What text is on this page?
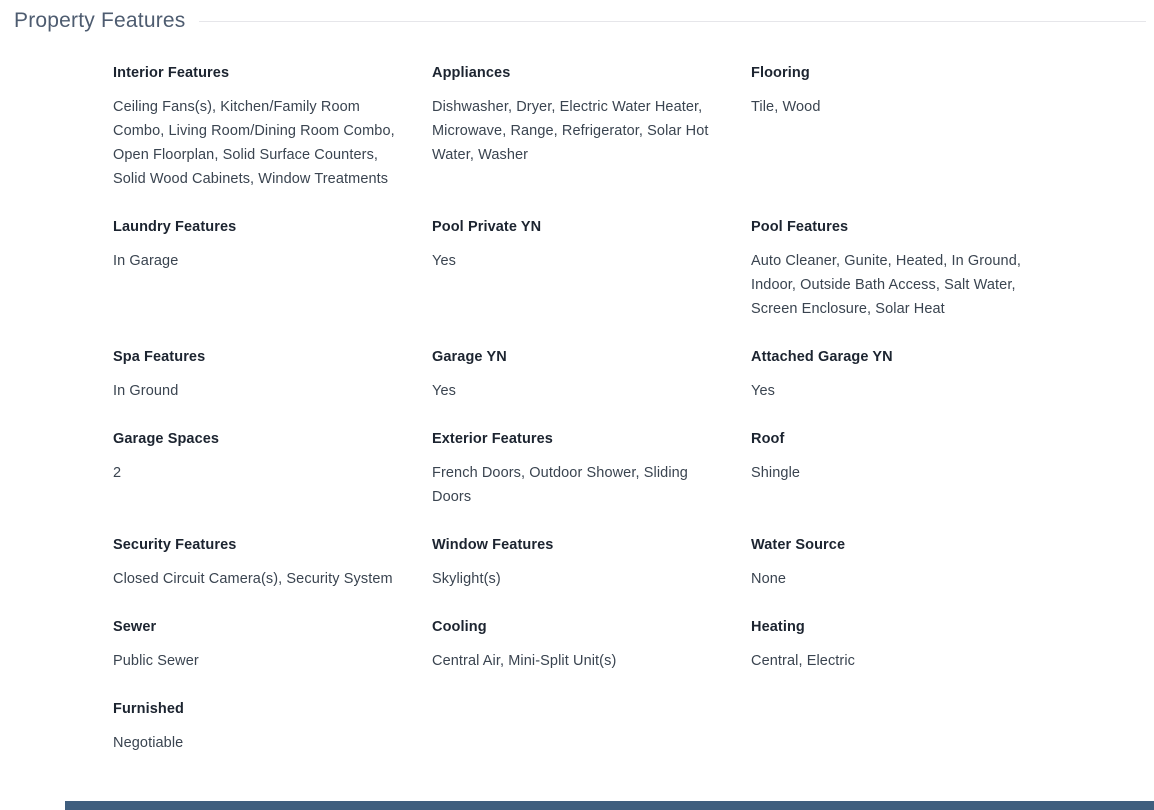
Property Features
Interior Features
Ceiling Fans(s), Kitchen/Family Room Combo, Living Room/Dining Room Combo, Open Floorplan, Solid Surface Counters, Solid Wood Cabinets, Window Treatments
Appliances
Dishwasher, Dryer, Electric Water Heater, Microwave, Range, Refrigerator, Solar Hot Water, Washer
Flooring
Tile, Wood
Laundry Features
In Garage
Pool Private YN
Yes
Pool Features
Auto Cleaner, Gunite, Heated, In Ground, Indoor, Outside Bath Access, Salt Water, Screen Enclosure, Solar Heat
Spa Features
In Ground
Garage YN
Yes
Attached Garage YN
Yes
Garage Spaces
2
Exterior Features
French Doors, Outdoor Shower, Sliding Doors
Roof
Shingle
Security Features
Closed Circuit Camera(s), Security System
Window Features
Skylight(s)
Water Source
None
Sewer
Public Sewer
Cooling
Central Air, Mini-Split Unit(s)
Heating
Central, Electric
Furnished
Negotiable
